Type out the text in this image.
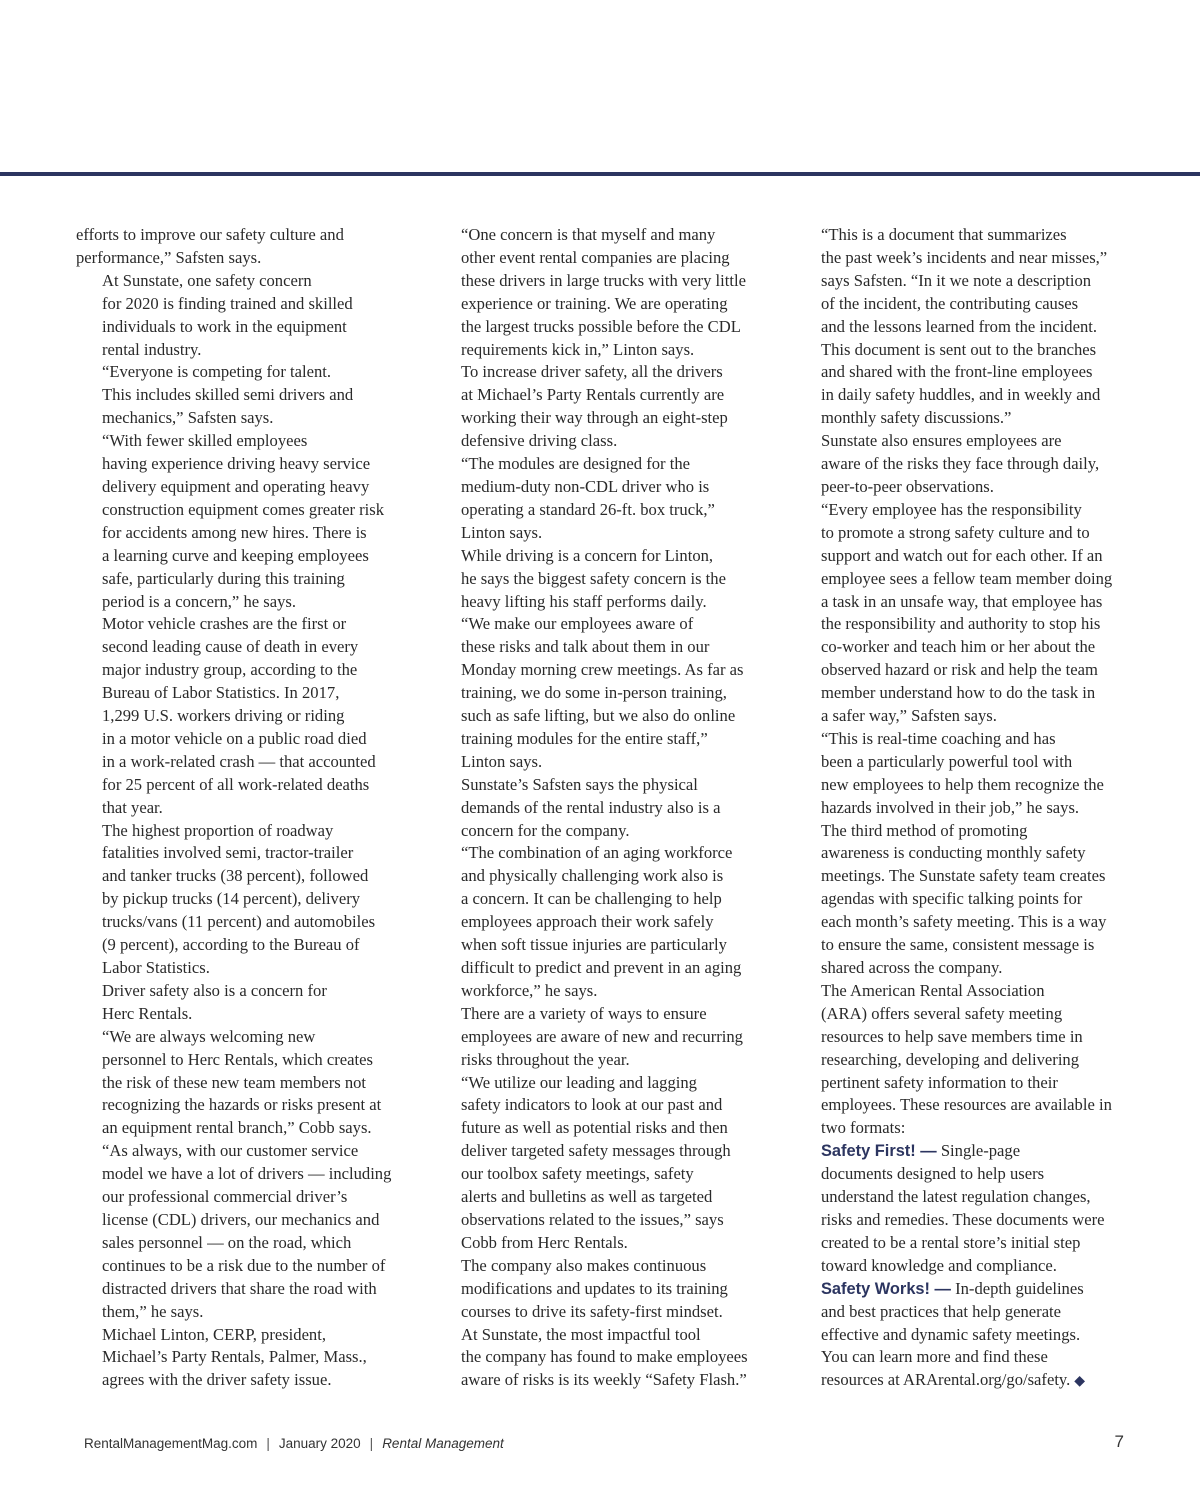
efforts to improve our safety culture and
performance,” Safsten says.

At Sunstate, one safety concern
for 2020 is finding trained and skilled
individuals to work in the equipment
rental industry.

“Everyone is competing for talent.
This includes skilled semi drivers and
mechanics,” Safsten says.

“With fewer skilled employees
having experience driving heavy service
delivery equipment and operating heavy
construction equipment comes greater risk
for accidents among new hires. There is
a learning curve and keeping employees
safe, particularly during this training
period is a concern,” he says.

Motor vehicle crashes are the first or
second leading cause of death in every
major industry group, according to the
Bureau of Labor Statistics. In 2017,
1,299 U.S. workers driving or riding
in a motor vehicle on a public road died
in a work-related crash — that accounted
for 25 percent of all work-related deaths
that year.

The highest proportion of roadway
fatalities involved semi, tractor-trailer
and tanker trucks (38 percent), followed
by pickup trucks (14 percent), delivery
trucks/vans (11 percent) and automobiles
(9 percent), according to the Bureau of
Labor Statistics.

Driver safety also is a concern for
Herc Rentals.

“We are always welcoming new
personnel to Herc Rentals, which creates
the risk of these new team members not
recognizing the hazards or risks present at
an equipment rental branch,” Cobb says.

“As always, with our customer service
model we have a lot of drivers — including
our professional commercial driver’s
license (CDL) drivers, our mechanics and
sales personnel — on the road, which
continues to be a risk due to the number of
distracted drivers that share the road with
them,” he says.

Michael Linton, CERP, president,
Michael’s Party Rentals, Palmer, Mass.,
agrees with the driver safety issue.

“One concern is that myself and many
other event rental companies are placing
these drivers in large trucks with very little
experience or training. We are operating
the largest trucks possible before the CDL
requirements kick in,” Linton says.

To increase driver safety, all the drivers
at Michael’s Party Rentals currently are
working their way through an eight-step
defensive driving class.

“The modules are designed for the
medium-duty non-CDL driver who is
operating a standard 26-ft. box truck,”
Linton says.

While driving is a concern for Linton,
he says the biggest safety concern is the
heavy lifting his staff performs daily.

“We make our employees aware of
these risks and talk about them in our
Monday morning crew meetings. As far as
training, we do some in-person training,
such as safe lifting, but we also do online
training modules for the entire staff,”
Linton says.

Sunstate’s Safsten says the physical
demands of the rental industry also is a
concern for the company.

“The combination of an aging workforce
and physically challenging work also is
a concern. It can be challenging to help
employees approach their work safely
when soft tissue injuries are particularly
difficult to predict and prevent in an aging
workforce,” he says.

There are a variety of ways to ensure
employees are aware of new and recurring
risks throughout the year.

“We utilize our leading and lagging
safety indicators to look at our past and
future as well as potential risks and then
deliver targeted safety messages through
our toolbox safety meetings, safety
alerts and bulletins as well as targeted
observations related to the issues,” says
Cobb from Herc Rentals.

The company also makes continuous
modifications and updates to its training
courses to drive its safety-first mindset.

At Sunstate, the most impactful tool
the company has found to make employees
aware of risks is its weekly “Safety Flash.”

“This is a document that summarizes
the past week’s incidents and near misses,”
says Safsten. “In it we note a description
of the incident, the contributing causes
and the lessons learned from the incident.
This document is sent out to the branches
and shared with the front-line employees
in daily safety huddles, and in weekly and
monthly safety discussions.”

Sunstate also ensures employees are
aware of the risks they face through daily,
peer-to-peer observations.

“Every employee has the responsibility
to promote a strong safety culture and to
support and watch out for each other. If an
employee sees a fellow team member doing
a task in an unsafe way, that employee has
the responsibility and authority to stop his
co-worker and teach him or her about the
observed hazard or risk and help the team
member understand how to do the task in
a safer way,” Safsten says.

“This is real-time coaching and has
been a particularly powerful tool with
new employees to help them recognize the
hazards involved in their job,” he says.

The third method of promoting
awareness is conducting monthly safety
meetings. The Sunstate safety team creates
agendas with specific talking points for
each month’s safety meeting. This is a way
to ensure the same, consistent message is
shared across the company.

The American Rental Association
(ARA) offers several safety meeting
resources to help save members time in
researching, developing and delivering
pertinent safety information to their
employees. These resources are available in
two formats:

Safety First! — Single-page
documents designed to help users
understand the latest regulation changes,
risks and remedies. These documents were
created to be a rental store’s initial step
toward knowledge and compliance.

Safety Works! — In-depth guidelines
and best practices that help generate
effective and dynamic safety meetings.

You can learn more and find these
resources at ARArental.org/go/safety. ◆

RentalManagementMag.com | January 2020 | Rental Management	7
